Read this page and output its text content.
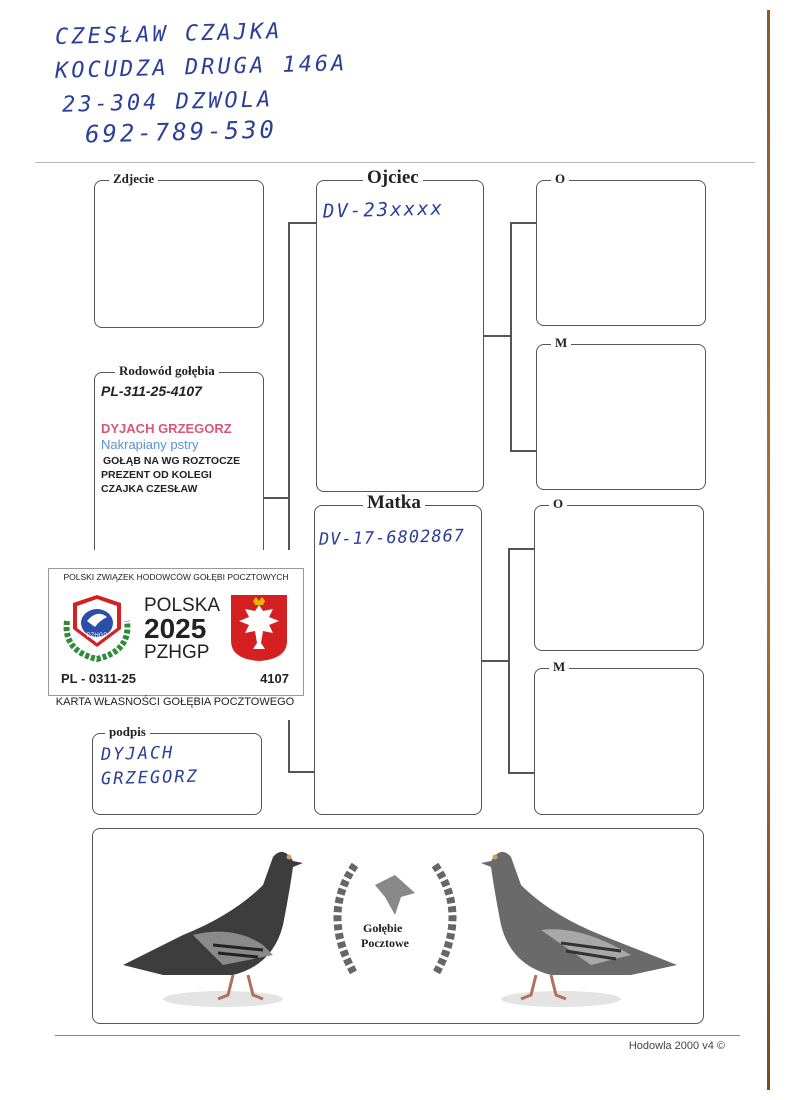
CZESŁAW CZAJKA
KOCUDZA DRUGA 146A
23-304 DZWOLA
692-789-530
Zdjecie
Rodowód gołębia
PL-311-25-4107
DYJACH GRZEGORZ
Nakrapiany pstry
GOŁĄB NA WG ROZTOCZE
PREZENT OD KOLEGI
CZAJKA CZESŁAW
podpis
DYJACH
GRZEGORZ
Ojciec
DV-23xxxx
Matka
DV-17-6802867
O
M
O
M
POLSKI ZWIĄZEK HODOWCÓW GOŁĘBI POCZTOWYCH
PZHGP
POLSKA
2025
PZHGP
PL - 0311-25	4107
KARTA WŁASNOŚCI GOŁĘBIA POCZTOWEGO
Gołębie
Pocztowe
Hodowla 2000 v4 ©
